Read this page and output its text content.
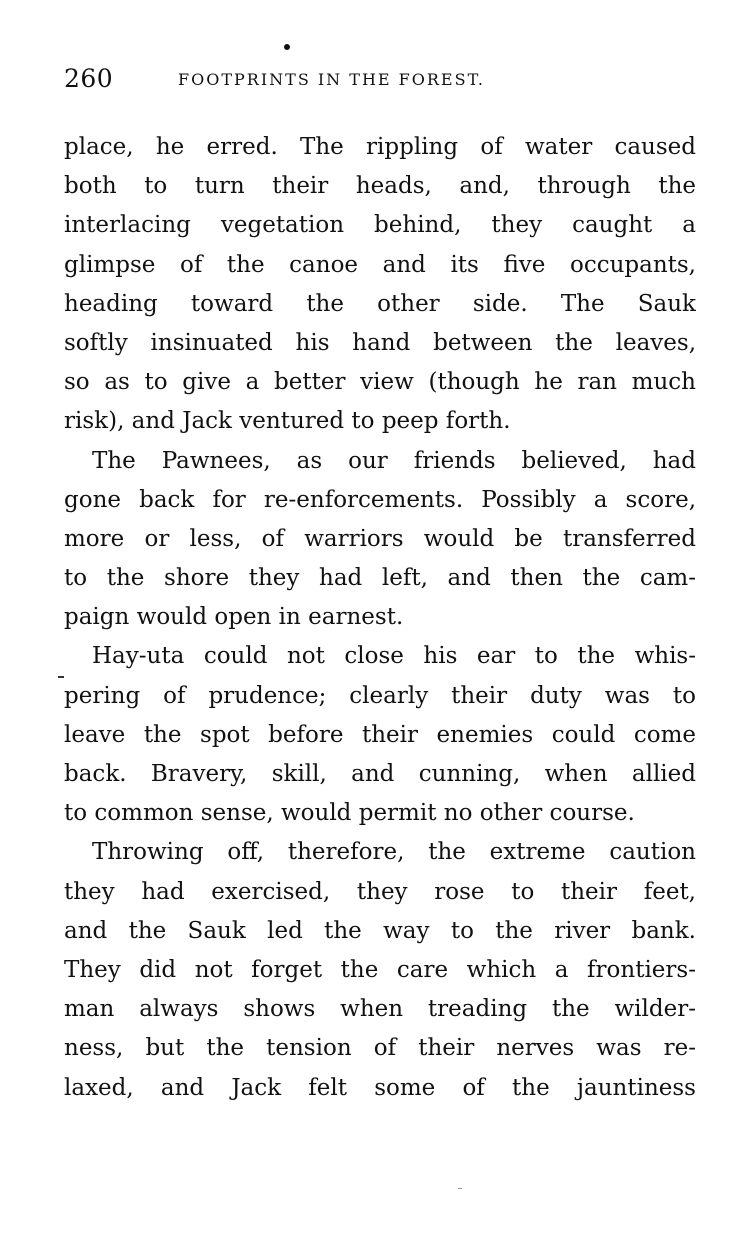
260	FOOTPRINTS IN THE FOREST.
place, he erred. The rippling of water caused
both to turn their heads, and, through the
interlacing vegetation behind, they caught a
glimpse of the canoe and its five occupants,
heading toward the other side. The Sauk
softly insinuated his hand between the leaves,
so as to give a better view (though he ran much
risk), and Jack ventured to peep forth.
The Pawnees, as our friends believed, had
gone back for re-enforcements. Possibly a score,
more or less, of warriors would be transferred
to the shore they had left, and then the cam-
paign would open in earnest.
Hay-uta could not close his ear to the whis-
pering of prudence; clearly their duty was to
leave the spot before their enemies could come
back. Bravery, skill, and cunning, when allied
to common sense, would permit no other course.
Throwing off, therefore, the extreme caution
they had exercised, they rose to their feet,
and the Sauk led the way to the river bank.
They did not forget the care which a frontiers-
man always shows when treading the wilder-
ness, but the tension of their nerves was re-
laxed, and Jack felt some of the jauntiness
